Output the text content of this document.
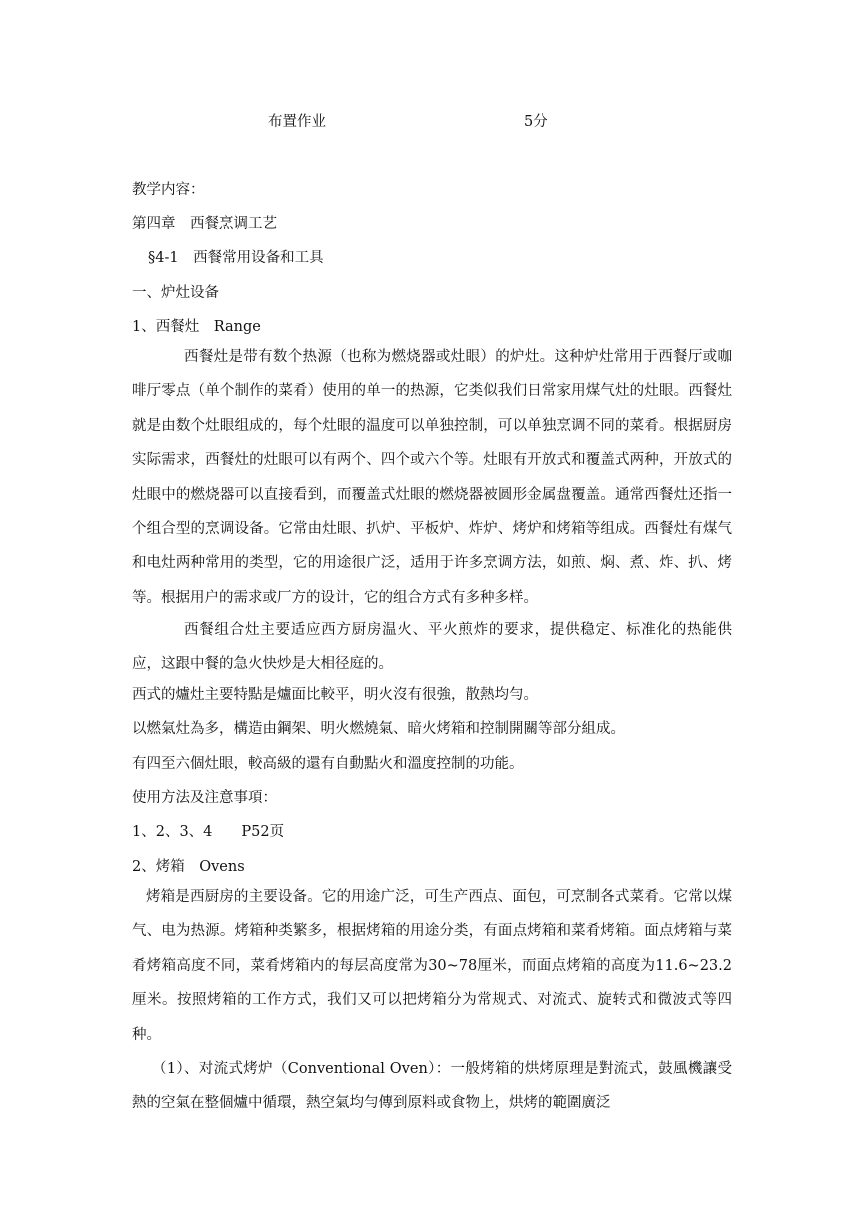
布置作业	5分
教学内容：
第四章　西餐烹调工艺
§4-1　西餐常用设备和工具
一、炉灶设备
1、西餐灶　Range

西餐灶是带有数个热源（也称为燃烧器或灶眼）的炉灶。这种炉灶常用于西餐厅或咖啡厅零点（单个制作的菜肴）使用的单一的热源，它类似我们日常家用煤气灶的灶眼。西餐灶就是由数个灶眼组成的，每个灶眼的温度可以单独控制，可以单独烹调不同的菜肴。根据厨房实际需求，西餐灶的灶眼可以有两个、四个或六个等。灶眼有开放式和覆盖式两种，开放式的灶眼中的燃烧器可以直接看到，而覆盖式灶眼的燃烧器被圆形金属盘覆盖。通常西餐灶还指一个组合型的烹调设备。它常由灶眼、扒炉、平板炉、炸炉、烤炉和烤箱等组成。西餐灶有煤气和电灶两种常用的类型，它的用途很广泛，适用于许多烹调方法，如煎、焖、煮、炸、扒、烤等。根据用户的需求或厂方的设计，它的组合方式有多种多样。

西餐组合灶主要适应西方厨房温火、平火煎炸的要求，提供稳定、标准化的热能供应，这跟中餐的急火快炒是大相径庭的。

西式的爐灶主要特點是爐面比較平，明火沒有很強，散熱均勻。
以燃氣灶為多，構造由鋼架、明火燃燒氣、暗火烤箱和控制開關等部分組成。
有四至六個灶眼，較高級的還有自動點火和溫度控制的功能。
使用方法及注意事項：
1、2、3、4　　P52页
2、烤箱　Ovens

烤箱是西厨房的主要设备。它的用途广泛，可生产西点、面包，可烹制各式菜肴。它常以煤气、电为热源。烤箱种类繁多，根据烤箱的用途分类，有面点烤箱和菜肴烤箱。面点烤箱与菜肴烤箱高度不同，菜肴烤箱内的每层高度常为30~78厘米，而面点烤箱的高度为11.6~23.2厘米。按照烤箱的工作方式，我们又可以把烤箱分为常规式、对流式、旋转式和微波式等四种。

（1）、对流式烤炉（Conventional Oven）：一般烤箱的烘烤原理是對流式，鼓風機讓受熱的空氣在整個爐中循環，熱空氣均勻傳到原料或食物上，烘烤的範圍廣泛
